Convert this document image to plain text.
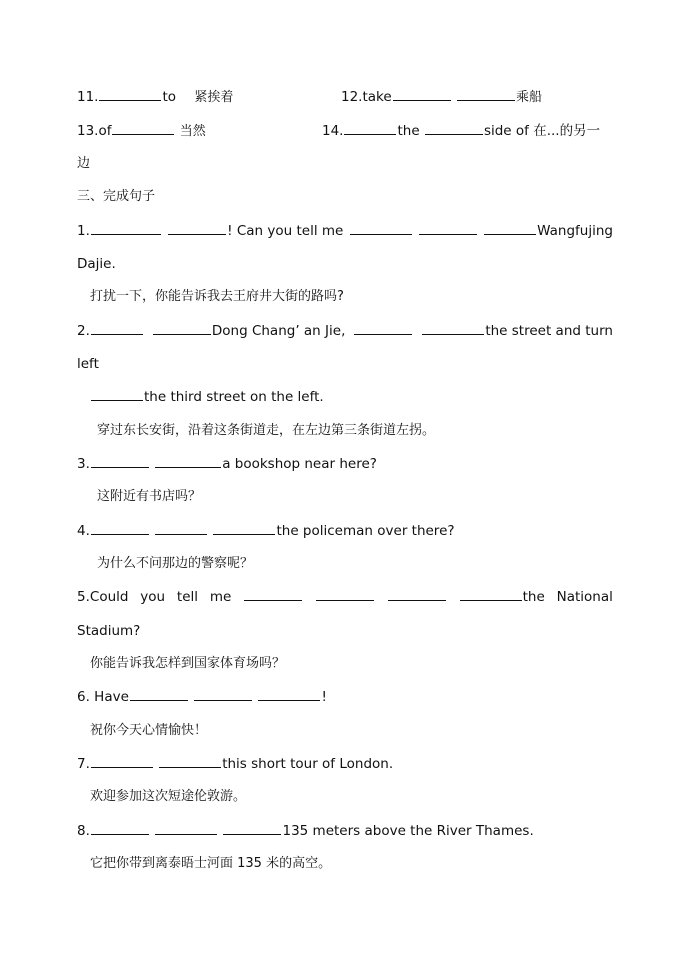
11.	to 紧挨着	12.take	乘船
13.of	当然	14.	the	side of 在...的另一
边
三、完成句子
1.	! Can you tell me	Wangfujing
Dajie.
打扰一下，你能告诉我去王府井大街的路吗?
2.	Dong Chang’ an Jie,	the street and turn
left
the third street on the left.
穿过东长安街，沿着这条街道走，在左边第三条街道左拐。
3.	a bookshop near here?
这附近有书店吗？
4.	the policeman over there?
为什么不问那边的警察呢？
5.Could you tell me	the National
Stadium?
你能告诉我怎样到国家体育场吗？
6. Have	!
祝你今天心情愉快！
7.	this short tour of London.
欢迎参加这次短途伦敦游。
8.	135 meters above the River Thames.
它把你带到离泰晤士河面 135 米的高空。
